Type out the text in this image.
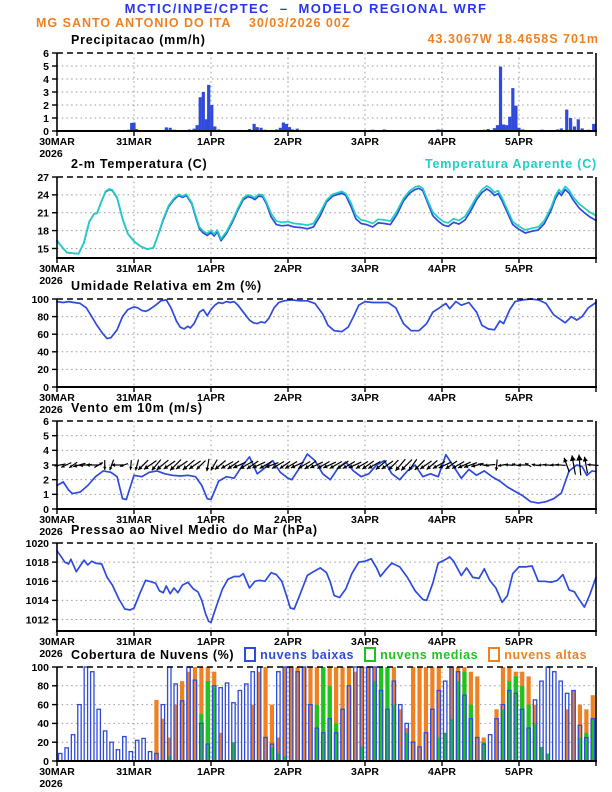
MCTIC/INPE/CPTEC  –  MODELO REGIONAL WRF
MG SANTO ANTONIO DO ITA    30/03/2026 00Z
43.3067W 18.4658S 701m
Precipitacao (mm/h)
2-m Temperatura (C)	Temperatura Aparente (C)
Umidade Relativa em 2m (%)
Vento em 10m (m/s)
Pressao ao Nivel Medio do Mar (hPa)
Cobertura de Nuvens (%) nuvens baixas nuvens medias nuvens altas
0
1
2
3
4
5
6
30MAR
2026
31MAR	1APR	2APR	3APR	4APR	5APR
15
18
21
24
27
30MAR
2026
31MAR	1APR	2APR	3APR	4APR	5APR
0
20
40
60
80
100
30MAR
2026
31MAR	1APR	2APR	3APR	4APR	5APR
0
1
2
3
4
5
6
30MAR
2026
31MAR	1APR	2APR	3APR	4APR	5APR
1012
1014
1016
1018
1020
30MAR
2026
31MAR	1APR	2APR	3APR	4APR	5APR
0
20
40
60
80
100
30MAR
2026
31MAR	1APR	2APR	3APR	4APR	5APR
